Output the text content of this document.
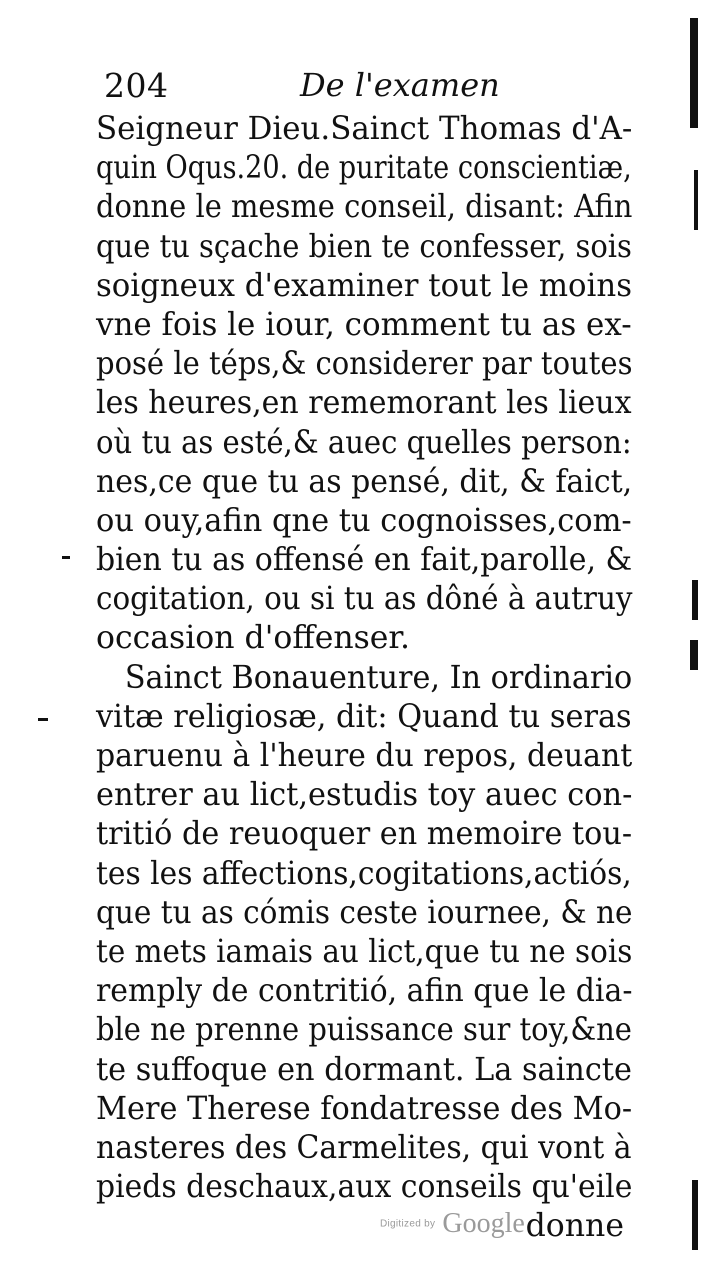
204	De l'examen
Seigneur Dieu.Sainct Thomas d'A-
quin Oqus.20. de puritate conscientiæ,
donne le mesme conseil, disant: Afin
que tu sçache bien te confesser, sois
soigneux d'examiner tout le moins
vne fois le iour, comment tu as ex-
posé le téps,& considerer par toutes
les heures,en rememorant les lieux
où tu as esté,& auec quelles person:
nes,ce que tu as pensé, dit, & faict,
ou ouy,afin qne tu cognoisses,com-
bien tu as offensé en fait,parolle, &
cogitation, ou si tu as dôné à autruy
occasion d'offenser.
Sainct Bonauenture, In ordinario
vitæ religiosæ, dit: Quand tu seras
paruenu à l'heure du repos, deuant
entrer au lict,estudis toy auec con-
tritió de reuoquer en memoire tou-
tes les affections,cogitations,actiós,
que tu as cómis ceste iournee, & ne
te mets iamais au lict,que tu ne sois
remply de contritió, afin que le dia-
ble ne prenne puissance sur toy,&ne
te suffoque en dormant. La saincte
Mere Therese fondatresse des Mo-
nasteres des Carmelites, qui vont à
pieds deschaux,aux conseils qu'eile
donne
Digitized by Google
